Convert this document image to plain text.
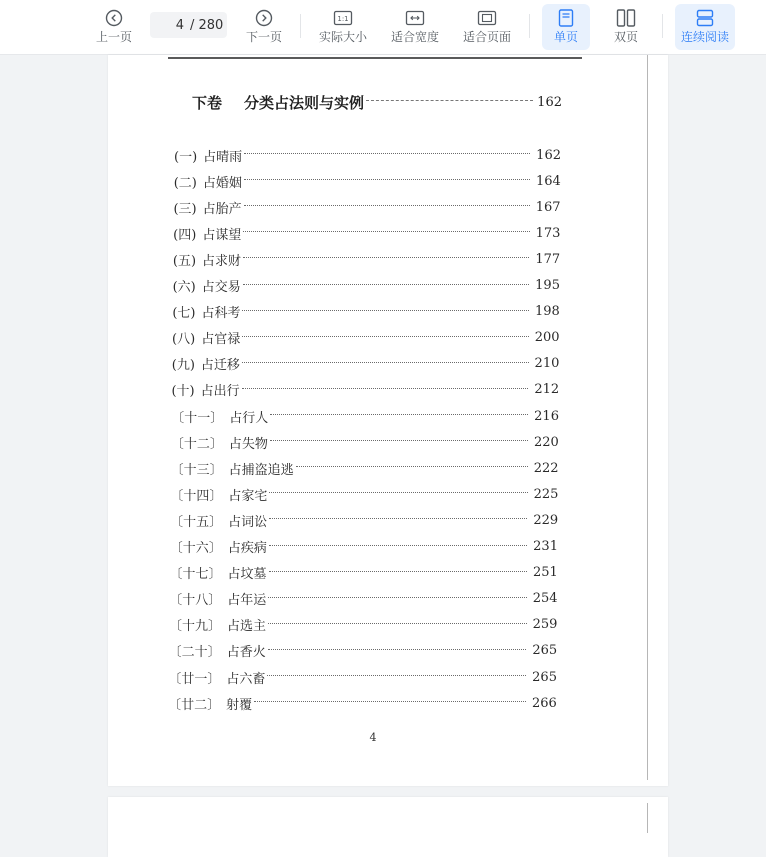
上一页
4
/ 280
下一页
1:1
实际大小 适合宽度 适合页面	单页	双页	连续阅读
下卷 分类占法则与实例	162
(一) 占晴雨	162
(二) 占婚姻	164
(三) 占胎产	167
(四) 占谋望	173
(五) 占求财	177
(六) 占交易	195
(七) 占科考	198
(八) 占官禄	200
(九) 占迁移	210
(十) 占出行	212
〔十一〕 占行人	216
〔十二〕 占失物	220
〔十三〕 占捕盗追逃	222
〔十四〕 占家宅	225
〔十五〕 占词讼	229
〔十六〕 占疾病	231
〔十七〕 占坟墓	251
〔十八〕 占年运	254
〔十九〕 占选主	259
〔二十〕 占香火	265
〔廿一〕 占六畜	265
〔廿二〕 射覆	266
4
